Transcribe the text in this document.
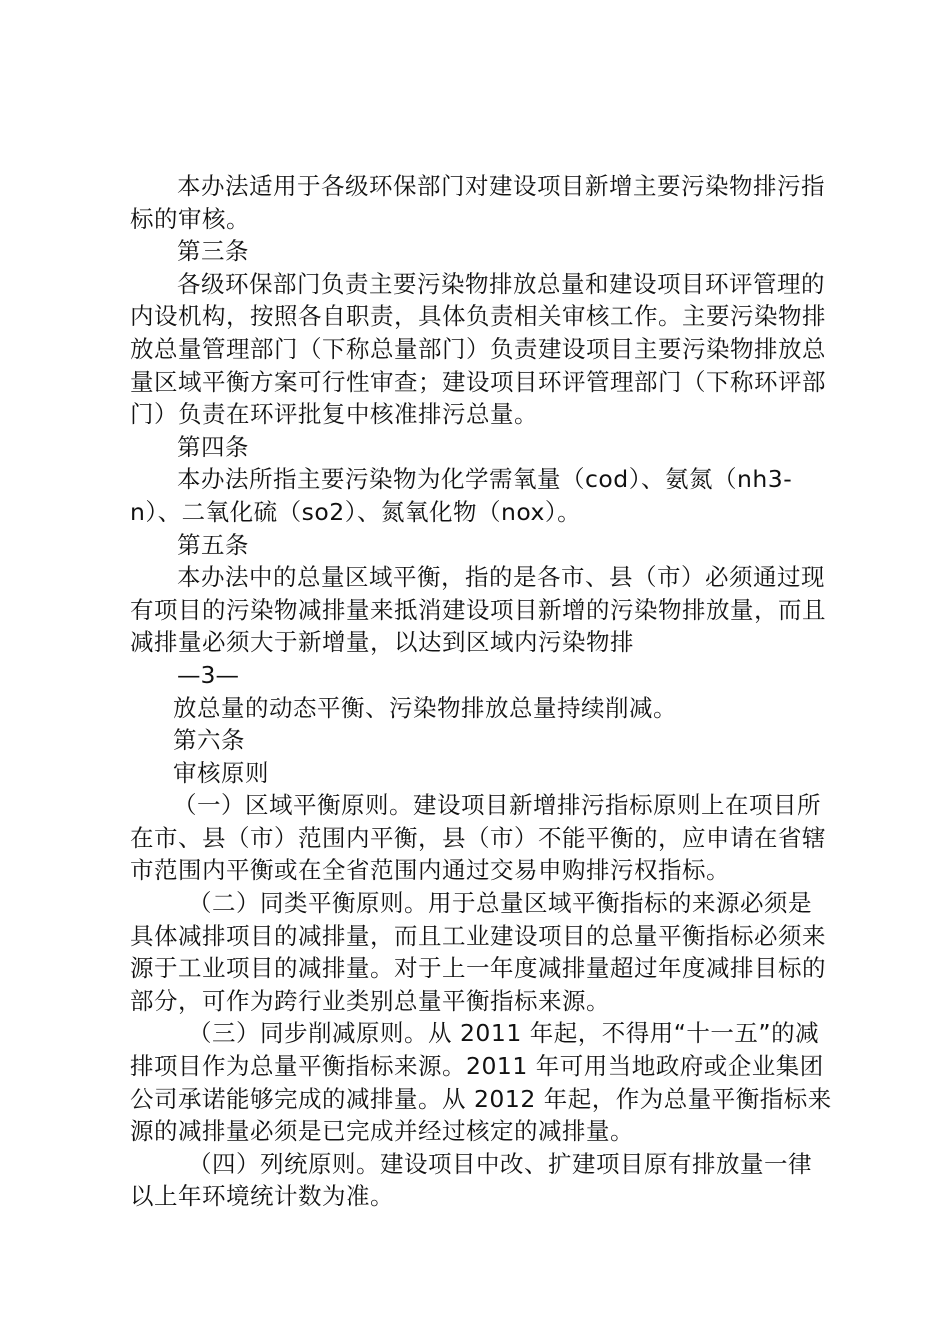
本办法适用于各级环保部门对建设项目新增主要污染物排污指标的审核。

第三条

各级环保部门负责主要污染物排放总量和建设项目环评管理的内设机构，按照各自职责，具体负责相关审核工作。主要污染物排放总量管理部门（下称总量部门）负责建设项目主要污染物排放总量区域平衡方案可行性审查；建设项目环评管理部门（下称环评部门）负责在环评批复中核准排污总量。

第四条

本办法所指主要污染物为化学需氧量（cod）、氨氮（nh3-n）、二氧化硫（so2）、氮氧化物（nox）。

第五条

本办法中的总量区域平衡，指的是各市、县（市）必须通过现有项目的污染物减排量来抵消建设项目新增的污染物排放量，而且减排量必须大于新增量，以达到区域内污染物排

—3—

放总量的动态平衡、污染物排放总量持续削减。

第六条

审核原则

（一）区域平衡原则。建设项目新增排污指标原则上在项目所在市、县（市）范围内平衡，县（市）不能平衡的，应申请在省辖市范围内平衡或在全省范围内通过交易申购排污权指标。

（二）同类平衡原则。用于总量区域平衡指标的来源必须是具体减排项目的减排量，而且工业建设项目的总量平衡指标必须来源于工业项目的减排量。对于上一年度减排量超过年度减排目标的部分，可作为跨行业类别总量平衡指标来源。

（三）同步削减原则。从 2011 年起，不得用“十一五”的减排项目作为总量平衡指标来源。2011 年可用当地政府或企业集团公司承诺能够完成的减排量。从 2012 年起，作为总量平衡指标来源的减排量必须是已完成并经过核定的减排量。

（四）列统原则。建设项目中改、扩建项目原有排放量一律以上年环境统计数为准。
